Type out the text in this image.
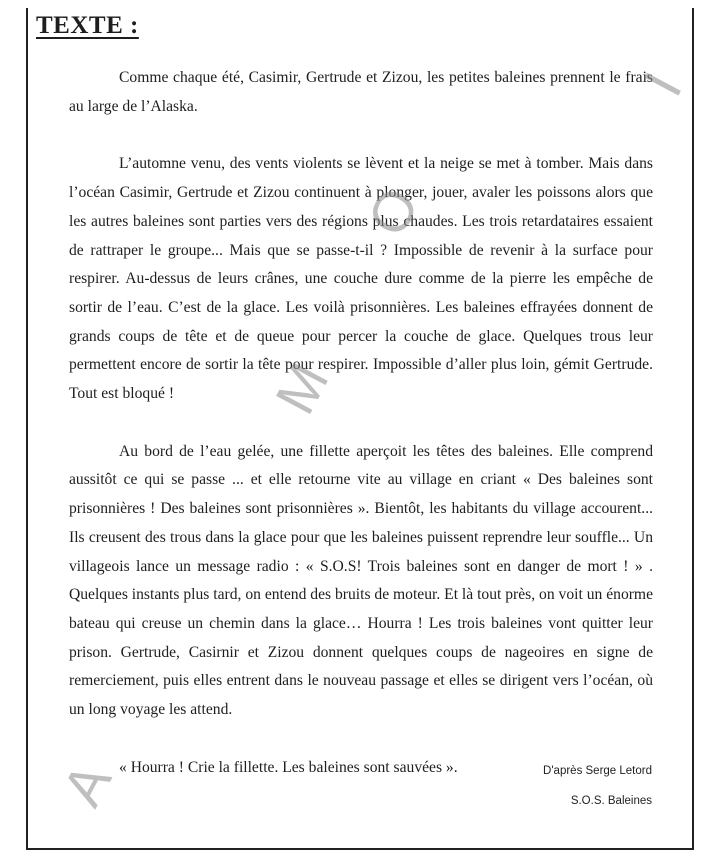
TEXTE :

Comme chaque été, Casimir, Gertrude et Zizou, les petites baleines prennent le frais au large de l’Alaska.

L’automne venu, des vents violents se lèvent et la neige se met à tomber. Mais dans l’océan Casimir, Gertrude et Zizou continuent à plonger, jouer, avaler les poissons alors que les autres baleines sont parties vers des régions plus chaudes. Les trois retardataires essaient de rattraper le groupe... Mais que se passe-t-il ? Impossible de revenir à la surface pour respirer. Au-dessus de leurs crânes, une couche dure comme de la pierre les empêche de sortir de l’eau. C’est de la glace. Les voilà prisonnières. Les baleines effrayées donnent de grands coups de tête et de queue pour percer la couche de glace. Quelques trous leur permettent encore de sortir la tête pour respirer. Impossible d’aller plus loin, gémit Gertrude. Tout est bloqué !

Au bord de l’eau gelée, une fillette aperçoit les têtes des baleines. Elle comprend aussitôt ce qui se passe ... et elle retourne vite au village en criant « Des baleines sont prisonnières ! Des baleines sont prisonnières ». Bientôt, les habitants du village accourent... Ils creusent des trous dans la glace pour que les baleines puissent reprendre leur souffle... Un villageois lance un message radio : « S.O.S! Trois baleines sont en danger de mort ! » . Quelques instants plus tard, on entend des bruits de moteur. Et là tout près, on voit un énorme bateau qui creuse un chemin dans la glace… Hourra ! Les trois baleines vont quitter leur prison. Gertrude, Casirnir et Zizou donnent quelques coups de nageoires en signe de remerciement, puis elles entrent dans le nouveau passage et elles se dirigent vers l’océan, où un long voyage les attend.

« Hourra ! Crie la fillette. Les baleines sont sauvées ».	D'après Serge Letord
S.O.S. Baleines
A
M
O
I
